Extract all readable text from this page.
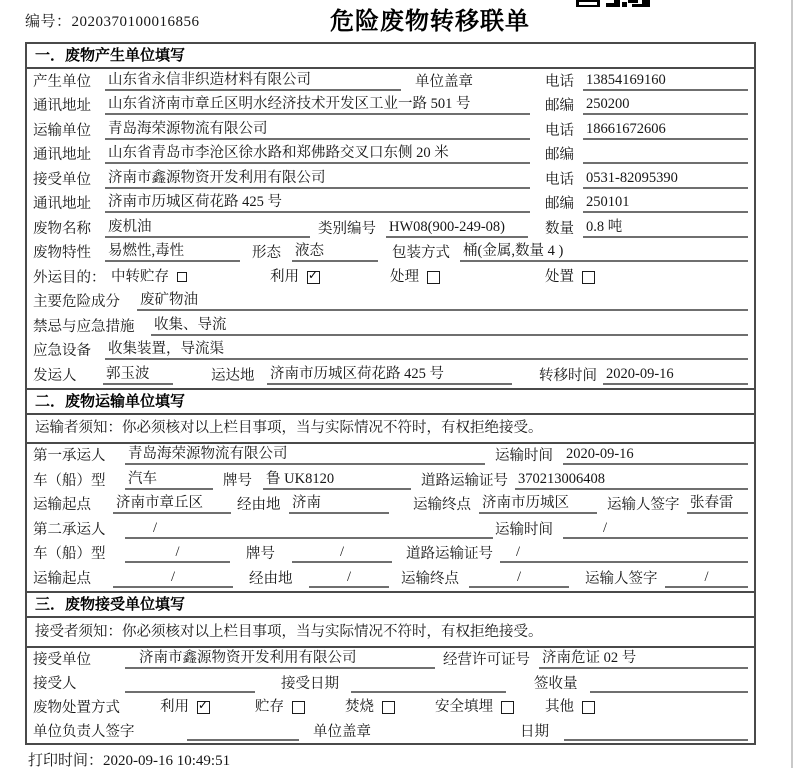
编号：2020370100016856	危险废物转移联单
一．废物产生单位填写
产生单位	山东省永信非织造材料有限公司	单位盖章	电话 13854169160
通讯地址	山东省济南市章丘区明水经济技术开发区工业一路 501 号	邮编 250200
运输单位	青岛海荣源物流有限公司	电话 18661672606
通讯地址	山东省青岛市李沧区徐水路和郑佛路交叉口东侧 20 米	邮编
接受单位	济南市鑫源物资开发利用有限公司	电话 0531-82095390
通讯地址	济南市历城区荷花路 425 号	邮编 250101
废物名称	废机油	类别编号 HW08(900-249-08)	数量 0.8 吨
废物特性	易燃性,毒性	形态 液态	包装方式 桶(金属,数量 4 )
外运目的： 中转贮存	利用 ✓	处理	处置
主要危险成分	废矿物油
禁忌与应急措施	收集、导流
应急设备	收集装置，导流渠
发运人	郭玉波	运达地	济南市历城区荷花路 425 号	转移时间 2020-09-16
二．废物运输单位填写
运输者须知：你必须核对以上栏目事项，当与实际情况不符时，有权拒绝接受。
第一承运人	青岛海荣源物流有限公司	运输时间 2020-09-16
车（船）型	汽车	牌号 鲁 UK8120	道路运输证号 370213006408
运输起点	济南市章丘区	经由地 济南	运输终点 济南市历城区	运输人签字 张春雷
第二承运人	/	运输时间	/
车（船）型	/	牌号	/	道路运输证号	/
运输起点	/	经由地	/	运输终点	/	运输人签字	/
三．废物接受单位填写
接受者须知：你必须核对以上栏目事项，当与实际情况不符时，有权拒绝接受。
接受单位	济南市鑫源物资开发利用有限公司	经营许可证号 济南危证 02 号
接受人	接受日期	签收量
废物处置方式	利用 ✓	贮存	焚烧	安全填埋	其他
单位负责人签字	单位盖章	日期
打印时间：2020-09-16 10:49:51
